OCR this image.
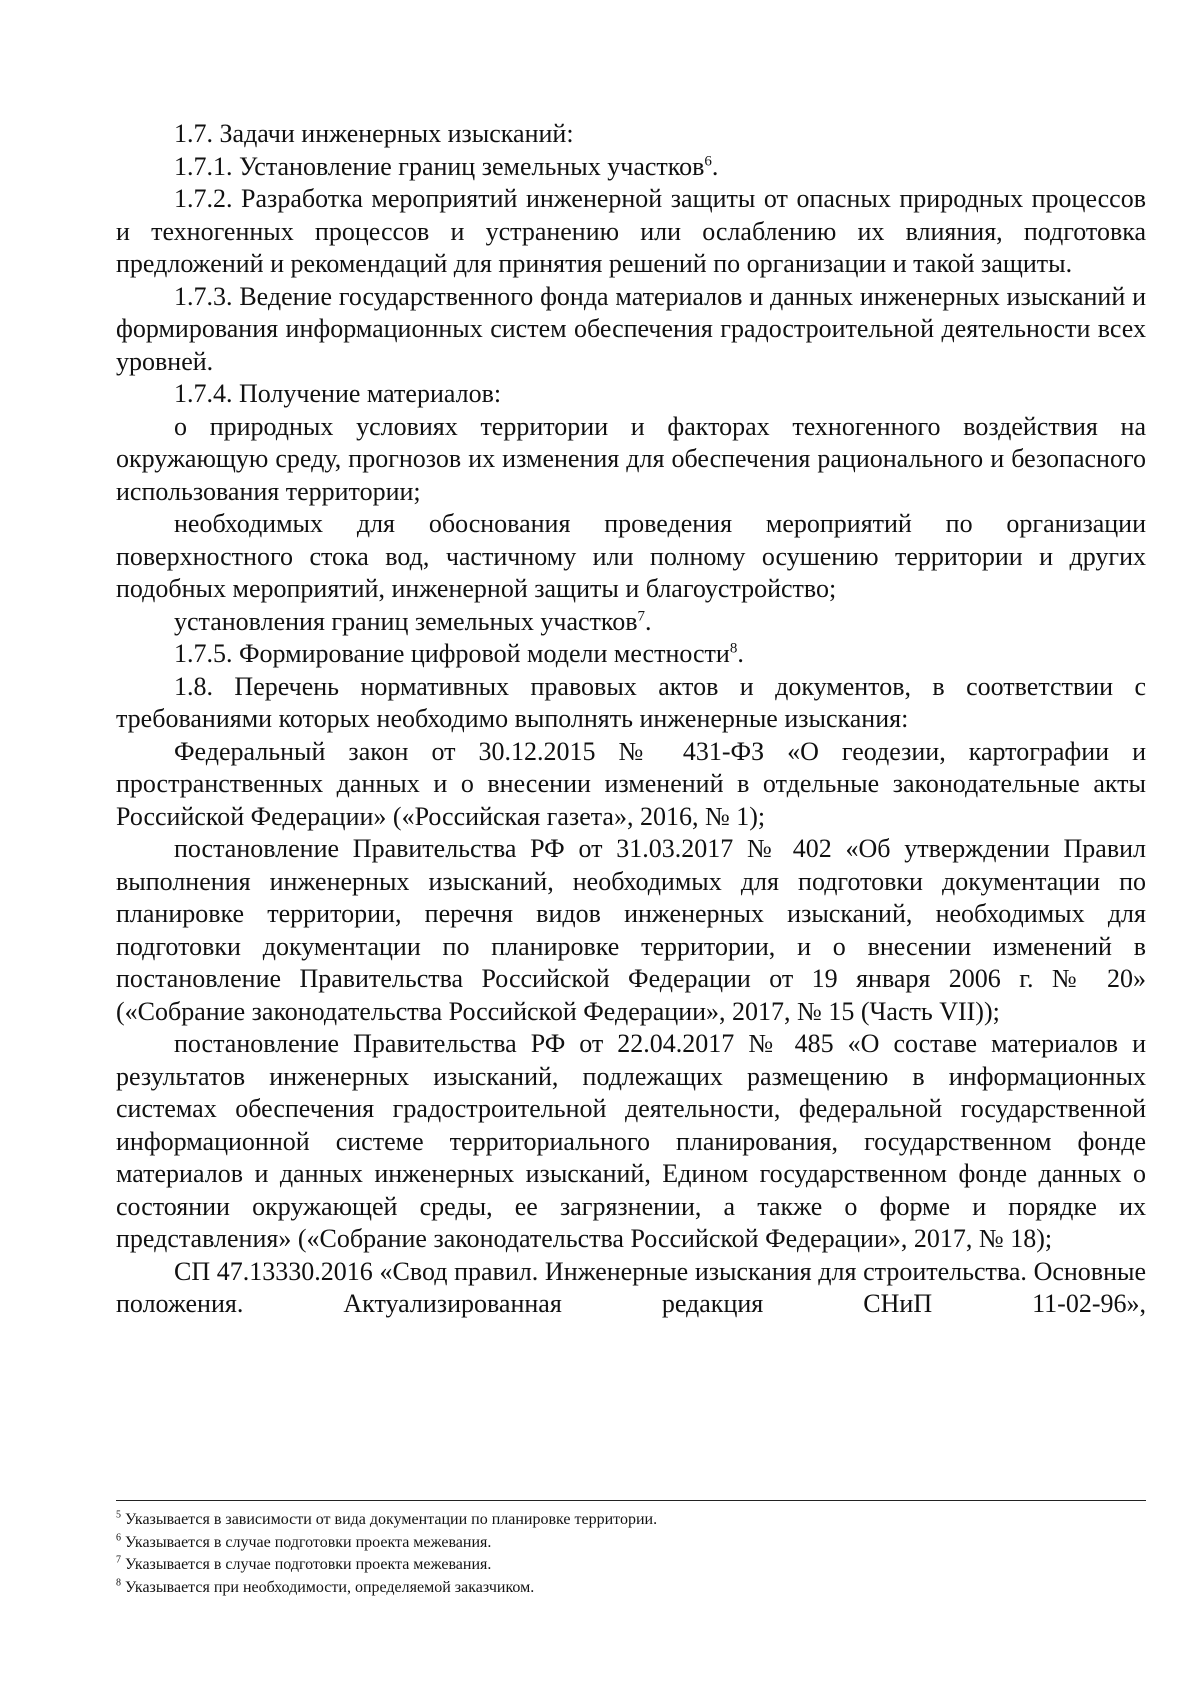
1.7. Задачи инженерных изысканий:

1.7.1. Установление границ земельных участков$^6$.

1.7.2. Разработка мероприятий инженерной защиты от опасных природных процессов и техногенных процессов и устранению или ослаблению их влияния, подготовка предложений и рекомендаций для принятия решений по организации и такой защиты.

1.7.3. Ведение государственного фонда материалов и данных инженерных изысканий и формирования информационных систем обеспечения градостроительной деятельности всех уровней.

1.7.4. Получение материалов:

о природных условиях территории и факторах техногенного воздействия на окружающую среду, прогнозов их изменения для обеспечения рационального и безопасного использования территории;

необходимых для обоснования проведения мероприятий по организации поверхностного стока вод, частичному или полному осушению территории и других подобных мероприятий, инженерной защиты и благоустройство;

установления границ земельных участков$^7$.

1.7.5. Формирование цифровой модели местности$^8$.

1.8. Перечень нормативных правовых актов и документов, в соответствии с требованиями которых необходимо выполнять инженерные изыскания:

Федеральный закон от 30.12.2015 № 431-ФЗ «О геодезии, картографии и пространственных данных и о внесении изменений в отдельные законодательные акты Российской Федерации» («Российская газета», 2016, № 1);

постановление Правительства РФ от 31.03.2017 № 402 «Об утверждении Правил выполнения инженерных изысканий, необходимых для подготовки документации по планировке территории, перечня видов инженерных изысканий, необходимых для подготовки документации по планировке территории, и о внесении изменений в постановление Правительства Российской Федерации от 19 января 2006 г. № 20» («Собрание законодательства Российской Федерации», 2017, № 15 (Часть VII));

постановление Правительства РФ от 22.04.2017 № 485 «О составе материалов и результатов инженерных изысканий, подлежащих размещению в информационных системах обеспечения градостроительной деятельности, федеральной государственной информационной системе территориального планирования, государственном фонде материалов и данных инженерных изысканий, Едином государственном фонде данных о состоянии окружающей среды, ее загрязнении, а также о форме и порядке их представления» («Собрание законодательства Российской Федерации», 2017, № 18);

СП 47.13330.2016 «Свод правил. Инженерные изыскания для строительства. Основные положения. Актуализированная редакция СНиП 11-02-96»,

$^5$ Указывается в зависимости от вида документации по планировке территории.

$^6$ Указывается в случае подготовки проекта межевания.

$^7$ Указывается в случае подготовки проекта межевания.

$^8$ Указывается при необходимости, определяемой заказчиком.
